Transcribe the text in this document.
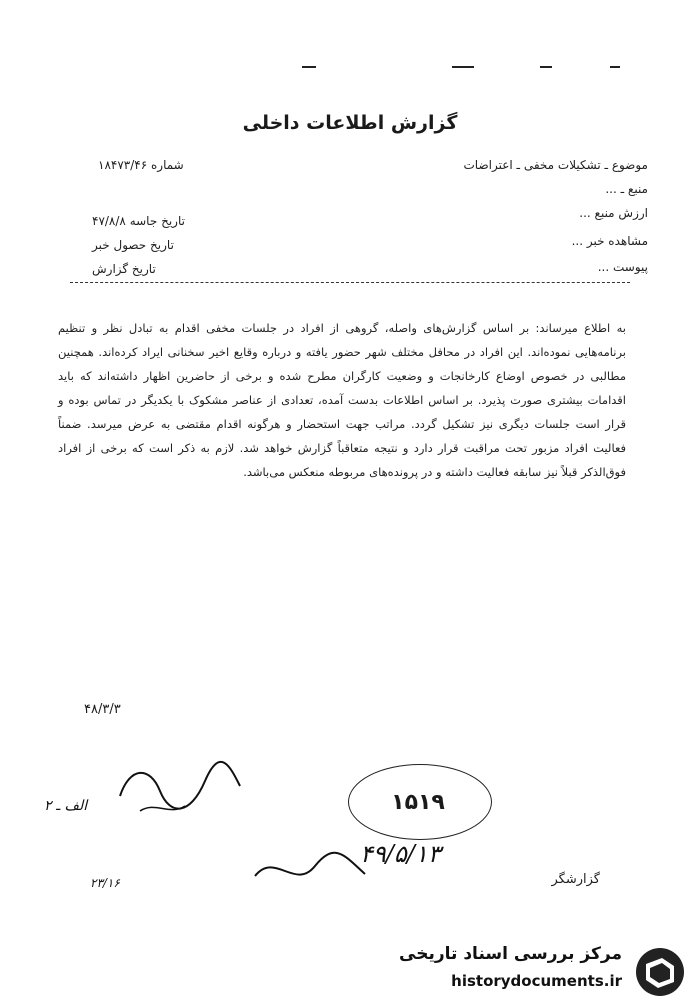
گزارش اطلاعات داخلی
موضوع ـ تشکیلات مخفی ـ اعتراضات
منبع ـ ...
ارزش منبع ...
مشاهده خبر ...
پیوست ...
شماره ۱۸۴۷۳/۴۶
تاریخ جاسه ۴۷/۸/۸
تاریخ حصول خبر
تاریخ گزارش
به اطلاع میرساند: بر اساس گزارش‌های واصله، گروهی از افراد در جلسات مخفی اقدام به تبادل نظر و تنظیم برنامه‌هایی نموده‌اند. این افراد در محافل مختلف شهر حضور یافته و درباره وقایع اخیر سخنانی ایراد کرده‌اند. همچنین مطالبی در خصوص اوضاع کارخانجات و وضعیت کارگران مطرح شده و برخی از حاضرین اظهار داشته‌اند که باید اقدامات بیشتری صورت پذیرد. بر اساس اطلاعات بدست آمده، تعدادی از عناصر مشکوک با یکدیگر در تماس بوده و قرار است جلسات دیگری نیز تشکیل گردد. مراتب جهت استحضار و هرگونه اقدام مقتضی به عرض میرسد. ضمناً فعالیت افراد مزبور تحت مراقبت قرار دارد و نتیجه متعاقباً گزارش خواهد شد. لازم به ذکر است که برخی از افراد فوق‌الذکر قبلاً نیز سابقه فعالیت داشته و در پرونده‌های مربوطه منعکس می‌باشد.
۴۸/۳/۳
الف ـ ۲
۲۳/۱۶
۱۵۱۹
۴۹/۵/۱۳
گزارشگر
مرکز بررسی اسناد تاریخی
historydocuments.ir
